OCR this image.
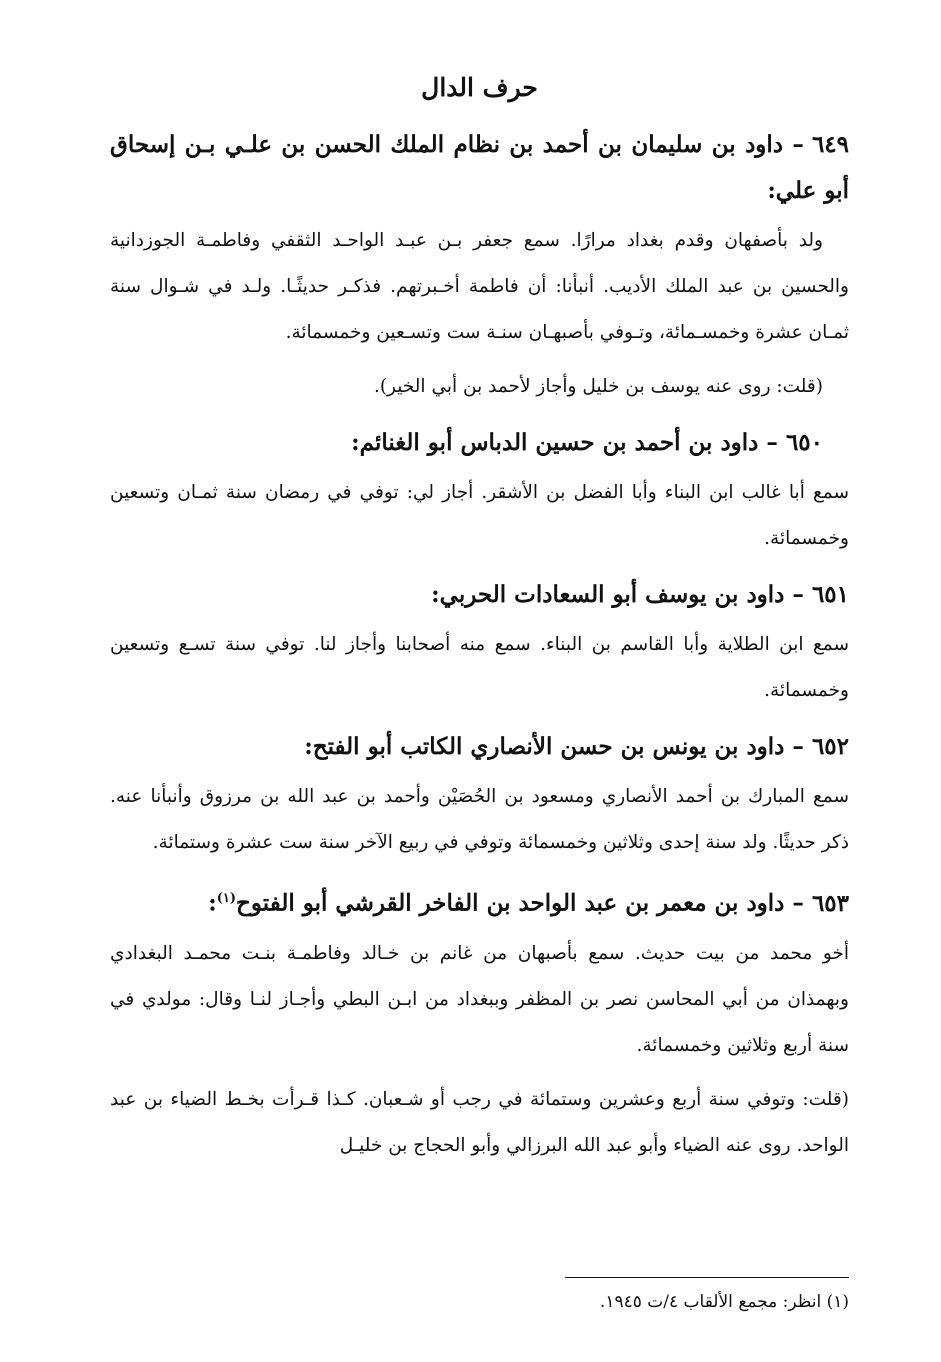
حرف الدال

٦٤٩– داود بن سليمان بن أحمد بن نظام الملك الحسن بن علـي بـن إسحاق أبو علي:

ولد بأصفهان وقدم بغداد مرارًا. سمع جعفر بـن عبـد الواحـد الثقفي وفاطمـة الجوزدانية والحسين بن عبد الملك الأديب. أنبأنا: أن فاطمة أخـبرتهم. فذكـر حديثًـا. ولـد في شـوال سنة ثمـان عشرة وخمسـمائة، وتـوفي بأصبهـان سنـة ست وتسـعين وخمسمائة.

(قلت: روى عنه يوسف بن خليل وأجاز لأحمد بن أبي الخير).

٦٥٠– داود بن أحمد بن حسين الدباس أبو الغنائم:

سمع أبا غالب ابن البناء وأبا الفضل بن الأشقر. أجاز لي: توفي في رمضان سنة ثمـان وتسعين وخمسمائة.

٦٥١– داود بن يوسف أبو السعادات الحربي:

سمع ابن الطلاية وأبا القاسم بن البناء. سمع منه أصحابنا وأجاز لنا. توفي سنة تسـع وتسعين وخمسمائة.

٦٥٢– داود بن يونس بن حسن الأنصاري الكاتب أبو الفتح:

سمع المبارك بن أحمد الأنصاري ومسعود بن الحُصَيْن وأحمد بن عبد الله بن مرزوق وأنبأنا عنه. ذكر حديثًا. ولد سنة إحدى وثلاثين وخمسمائة وتوفي في ربيع الآخر سنة ست عشرة وستمائة.

٦٥٣– داود بن معمر بن عبد الواحد بن الفاخر القرشي أبو الفتوح$^{(١)}$:

أخو محمد من بيت حديث. سمع بأصبهان من غانم بن خـالد وفاطمـة بنـت محمـد البغدادي وبهمذان من أبي المحاسن نصر بن المظفر وببغداد من ابـن البطي وأجـاز لنـا وقال: مولدي في سنة أربع وثلاثين وخمسمائة.

(قلت: وتوفي سنة أربع وعشرين وستمائة في رجب أو شـعبان. كـذا قـرأت بخـط الضياء بن عبد الواحد. روى عنه الضياء وأبو عبد الله البرزالي وأبو الحجاج بن خليـل

(١) انظر: مجمع الألقاب ٤/ت ١٩٤٥.
